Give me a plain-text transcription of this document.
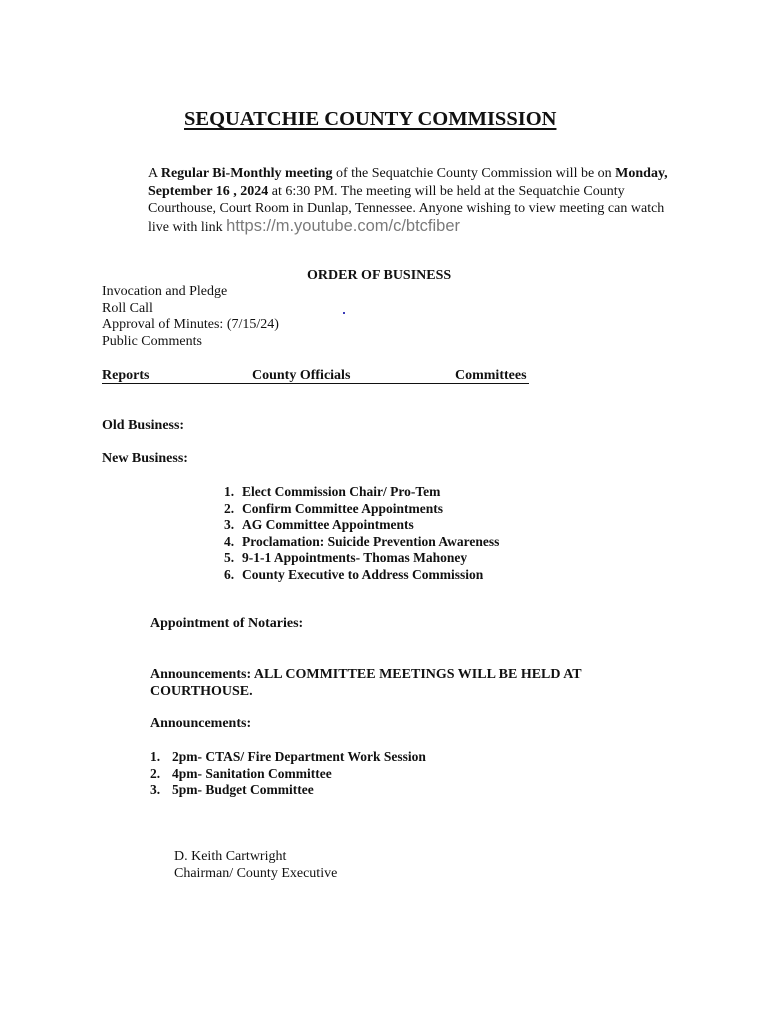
SEQUATCHIE COUNTY COMMISSION
A Regular Bi-Monthly meeting of the Sequatchie County Commission will be on Monday, September 16 , 2024 at 6:30 PM. The meeting will be held at the Sequatchie County Courthouse, Court Room in Dunlap, Tennessee. Anyone wishing to view meeting can watch live with link https://m.youtube.com/c/btcfiber
ORDER OF BUSINESS
Invocation and Pledge
Roll Call
Approval of Minutes: (7/15/24)
Public Comments
Reports	County Officials	Committees
Old Business:
New Business:
1. Elect Commission Chair/ Pro-Tem
2. Confirm Committee Appointments
3. AG Committee Appointments
4. Proclamation: Suicide Prevention Awareness
5. 9-1-1 Appointments- Thomas Mahoney
6. County Executive to Address Commission
Appointment of Notaries:
Announcements: ALL COMMITTEE MEETINGS WILL BE HELD AT COURTHOUSE.
Announcements:
1. 2pm- CTAS/ Fire Department Work Session
2. 4pm- Sanitation Committee
3. 5pm- Budget Committee
D. Keith Cartwright
Chairman/ County Executive
